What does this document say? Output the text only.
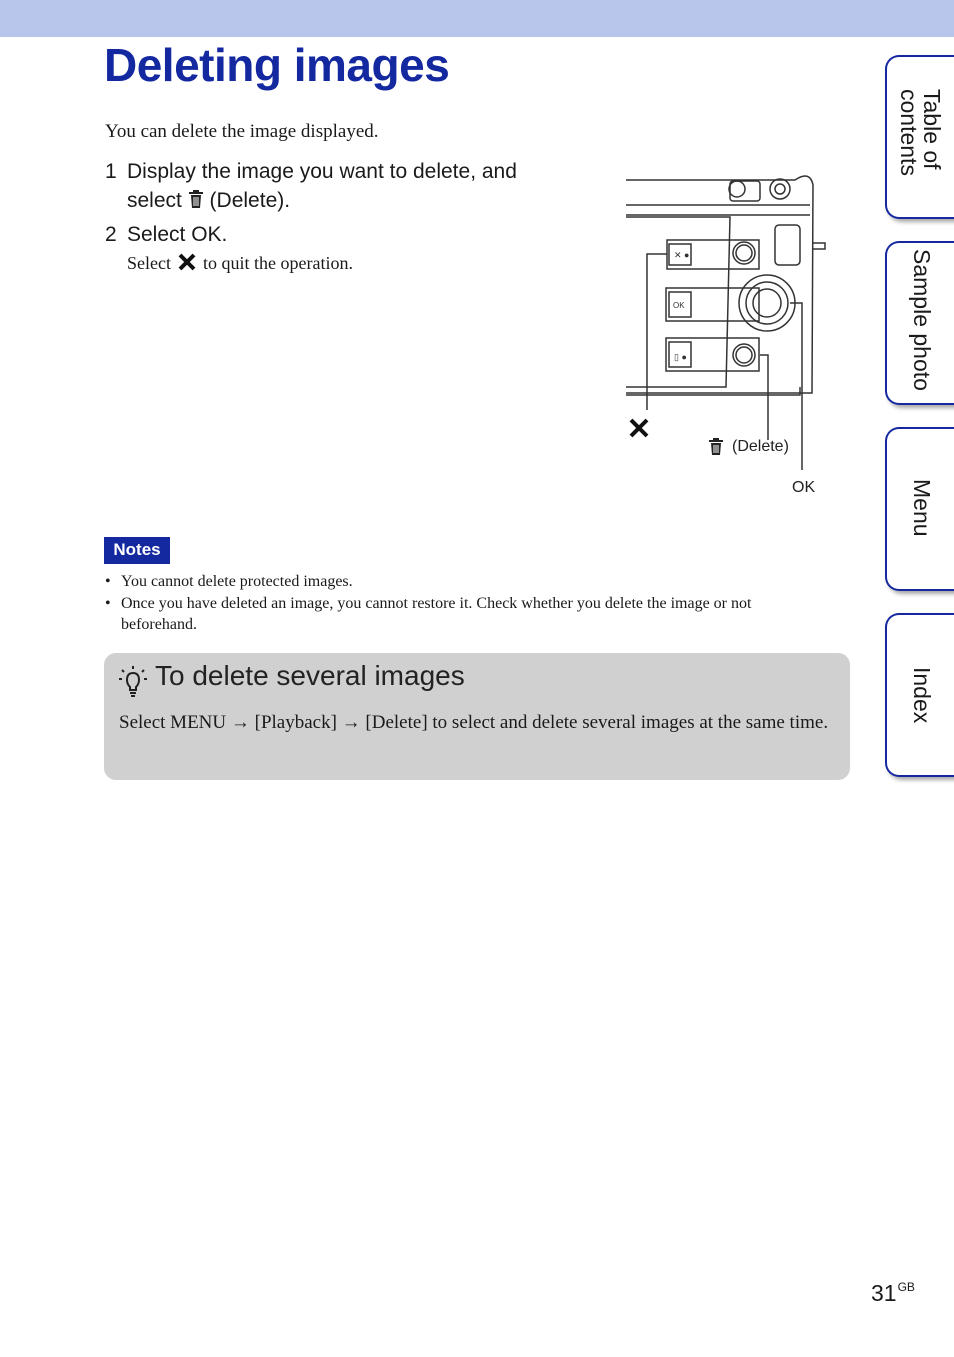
Deleting images
You can delete the image displayed.
1 Display the image you want to delete, and
select (Delete).
2 Select OK.
Select to quit the operation.	✕ ●
OK
▯ ●
(Delete)
OK
Notes
• You cannot delete protected images.
• Once you have deleted an image, you cannot restore it. Check whether you delete the image or not beforehand.
To delete several images
Select MENU → [Playback] → [Delete] to select and delete several images at the same time.
Table of
contents
Sample photo
Menu
Index
$31^{GB}$
